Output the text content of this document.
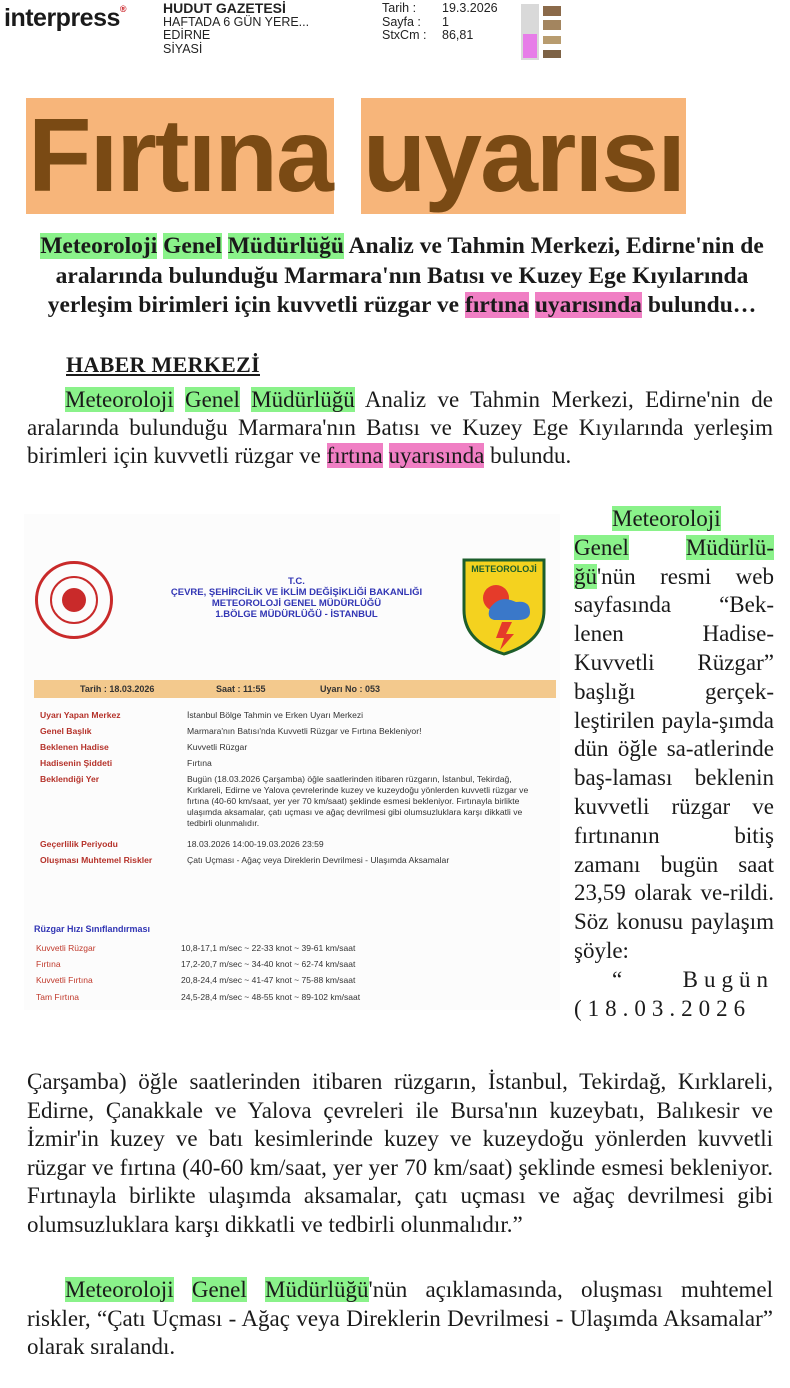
interpress®	HUDUT GAZETESİ
HAFTADA 6 GÜN YERE...
EDİRNE
SİYASİ
Tarih :	19.3.2026
Sayfa :	1
StxCm :	86,81
Fırtına uyarısı
Meteoroloji Genel Müdürlüğü Analiz ve Tahmin Merkezi, Edirne'nin de aralarında bulunduğu Marmara'nın Batısı ve Kuzey Ege Kıyılarında yerleşim birimleri için kuvvetli rüzgar ve fırtına uyarısında bulundu…
HABER MERKEZİ
Meteoroloji Genel Müdürlüğü Analiz ve Tahmin Merkezi, Edirne'nin de aralarında bulunduğu Marmara'nın Batısı ve Kuzey Ege Kıyılarında yerleşim birimleri için kuvvetli rüzgar ve fırtına uyarısında bulundu.
T.C.
ÇEVRE, ŞEHİRCİLİK VE İKLİM DEĞİŞİKLİĞİ BAKANLIĞI
METEOROLOJİ GENEL MÜDÜRLÜĞÜ
1.BÖLGE MÜDÜRLÜĞÜ - İSTANBUL
METEOROLOJİ
Tarih : 18.03.2026	Saat : 11:55	Uyarı No : 053
Uyarı Yapan Merkez	İstanbul Bölge Tahmin ve Erken Uyarı Merkezi
Genel Başlık	Marmara'nın Batısı'nda Kuvvetli Rüzgar ve Fırtına Bekleniyor!
Beklenen Hadise	Kuvvetli Rüzgar
Hadisenin Şiddeti	Fırtına
Beklendiği Yer	Bugün (18.03.2026 Çarşamba) öğle saatlerinden itibaren rüzgarın, İstanbul, Tekirdağ, Kırklareli, Edirne ve Yalova çevrelerinde kuzey ve kuzeydoğu yönlerden kuvvetli rüzgar ve fırtına (40-60 km/saat, yer yer 70 km/saat) şeklinde esmesi bekleniyor. Fırtınayla birlikte ulaşımda aksamalar, çatı uçması ve ağaç devrilmesi gibi olumsuzluklara karşı dikkatli ve tedbirli olunmalıdır.
Geçerlilik Periyodu	18.03.2026 14:00-19.03.2026 23:59
Oluşması Muhtemel Riskler	Çatı Uçması - Ağaç veya Direklerin Devrilmesi - Ulaşımda Aksamalar
Rüzgar Hızı Sınıflandırması
Kuvvetli Rüzgar	10,8-17,1 m/sec ~ 22-33 knot ~ 39-61 km/saat
Fırtına	17,2-20,7 m/sec ~ 34-40 knot ~ 62-74 km/saat
Kuvvetli Fırtına	20,8-24,4 m/sec ~ 41-47 knot ~ 75-88 km/saat
Tam Fırtına	24,5-28,4 m/sec ~ 48-55 knot ~ 89-102 km/saat
Meteoroloji Genel Müdürlü-ğü'nün resmi web sayfasında “Bek-lenen Hadise-Kuvvetli Rüzgar” başlığı gerçek-leştirilen payla-şımda dün öğle sa-atlerinde baş-laması beklenin kuvvetli rüzgar ve fırtınanın bitiş zamanı bugün saat 23,59 olarak ve-rildi. Söz konusu paylaşım şöyle:
“ Bugün (18.03.2026
Çarşamba) öğle saatlerinden itibaren rüzgarın, İstanbul, Tekirdağ, Kırklareli, Edirne, Çanakkale ve Yalova çevreleri ile Bursa'nın kuzeybatı, Balıkesir ve İzmir'in kuzey ve batı kesimlerinde kuzey ve kuzeydoğu yönlerden kuvvetli rüzgar ve fırtına (40-60 km/saat, yer yer 70 km/saat) şeklinde esmesi bekleniyor. Fırtınayla birlikte ulaşımda aksamalar, çatı uçması ve ağaç devrilmesi gibi olumsuzluklara karşı dikkatli ve tedbirli olunmalıdır.”
Meteoroloji Genel Müdürlüğü'nün açıklamasında, oluşması muhtemel riskler, “Çatı Uçması - Ağaç veya Direklerin Devrilmesi - Ulaşımda Aksamalar” olarak sıralandı.
